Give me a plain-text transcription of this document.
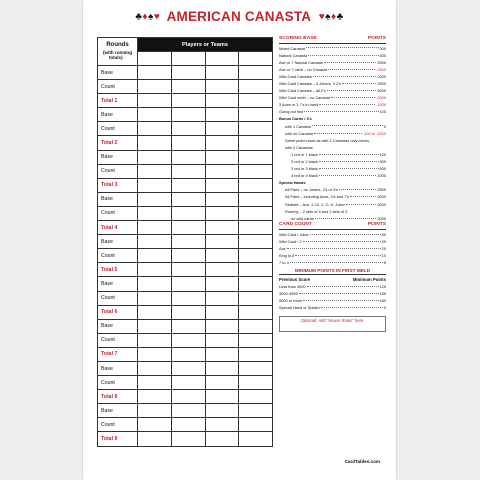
♣♦♠♥ AMERICAN CANASTA ♥♠♦♣
Rounds
(with running totals) ↓	Players or Teams			

Base				
Count				
Total 1				
Base				
Count				
Total 2				
Base				
Count				
Total 3				
Base				
Count				
Total 4				
Base				
Count				
Total 5				
Base				
Count				
Total 6				
Base				
Count				
Total 7				
Base				
Count				
Total 8				
Base				
Count				
Total 9				
SCORING BASE	POINTS
Mixed Canasta	300
Natural Canasta	500
Ace or 7 Natural Canasta	2500
Ace or 7 meld – no Canasta	-2500
Wild Card Canasta	2000
Wild Card Canasta – 4 Jokers, 3 2's	2500
Wild Card Canasta – all 2's	3000
Wild Card meld – no Canasta	-2000
3 Aces or 3 7's in hand	-1500
Going out first	100
Bonus Cards / 3's
with 1 Canasta	0
with no Canasta	-100 to -1000
Same point count as with 2 Canastas only minus.
with 2 Canastas
1 red or 1 black	100
2 red or 2 black	300
3 red or 3 black	500
4 red or 4 black	1000
Special Hands
All Pairs – no Jokers, 2's or 3's	2500
All Pairs – including Aces, 2's and 7's	3000
Straight – Ace, 2-10, J, Q, K, Joker	3000
Rummy – 2 sets of 4 and 2 sets of 3
no wild cards	2000
CARD COUNT	POINTS
Wild Card / Joker	50
Wild Card / 2	20
Ace	20
King to 8	10
7 to 4	5
MINIMUM POINTS IN FIRST MELD
Previous Score	Minimum Points
Less than 3000	125
3000-4995	155
5000 or more	180
Special Hand or Splash	0
Optional: Add "House Rules" here.
CardTables.com
